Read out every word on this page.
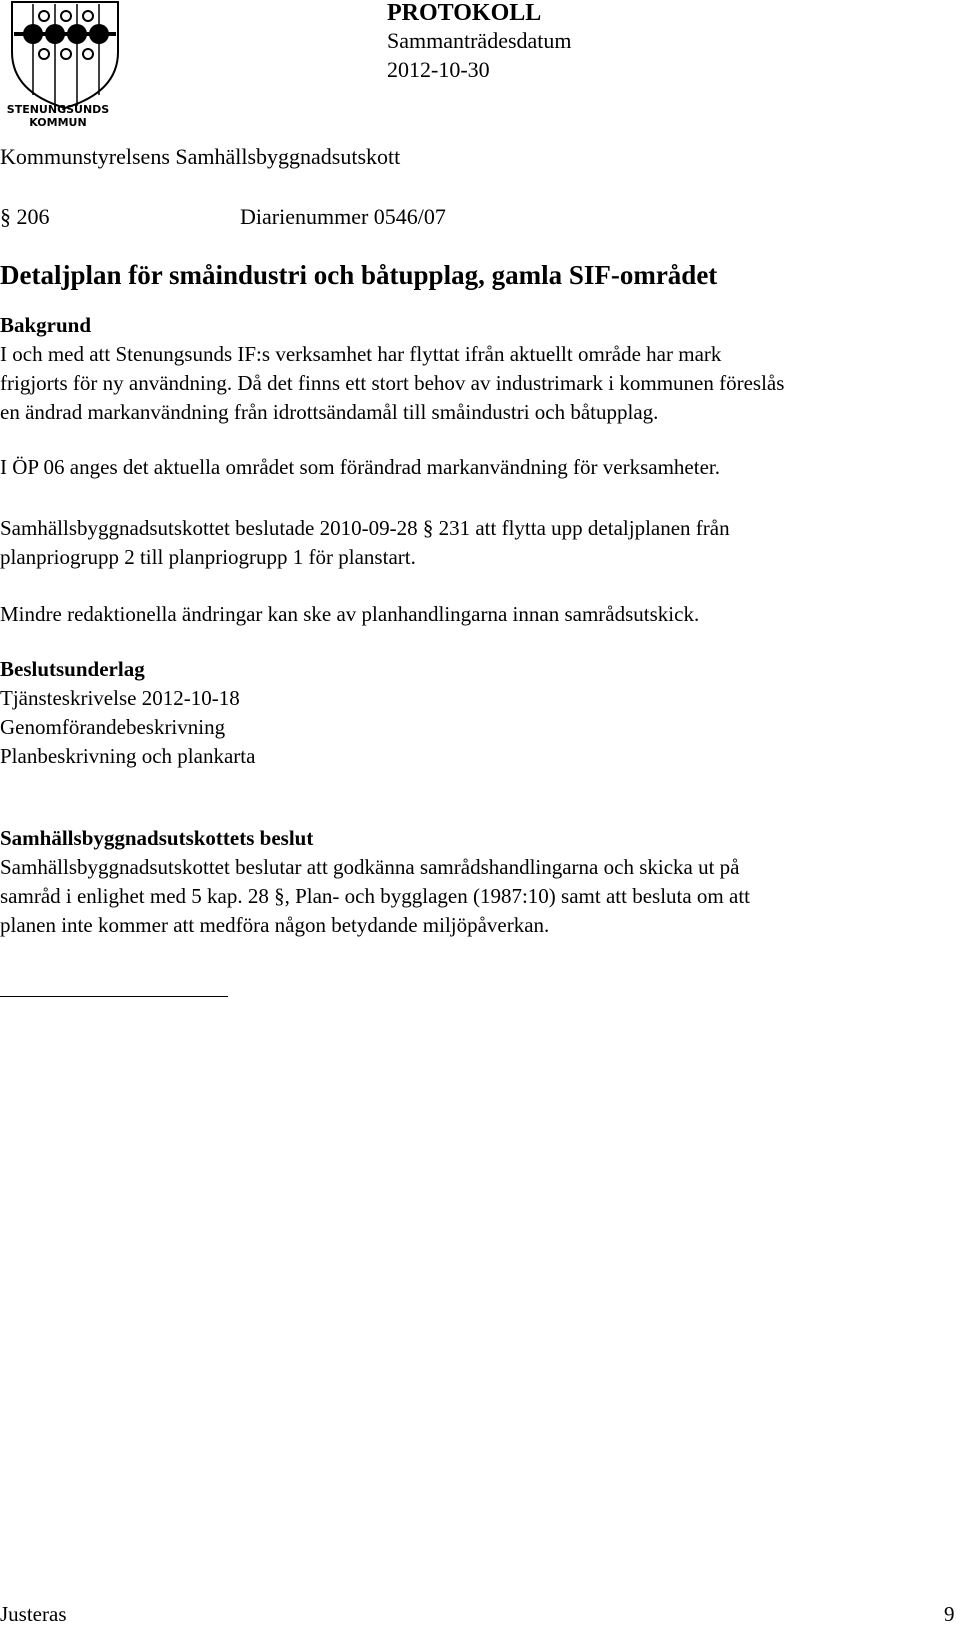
STENUNGSUNDS
KOMMUN
PROTOKOLL
Sammanträdesdatum
2012-10-30
Kommunstyrelsens Samhällsbyggnadsutskott
§ 206	Diarienummer 0546/07
Detaljplan för småindustri och båtupplag, gamla SIF-området
Bakgrund
I och med att Stenungsunds IF:s verksamhet har flyttat ifrån aktuellt område har mark
frigjorts för ny användning. Då det finns ett stort behov av industrimark i kommunen föreslås
en ändrad markanvändning från idrottsändamål till småindustri och båtupplag.
I ÖP 06 anges det aktuella området som förändrad markanvändning för verksamheter.
Samhällsbyggnadsutskottet beslutade 2010-09-28 § 231 att flytta upp detaljplanen från
planpriogrupp 2 till planpriogrupp 1 för planstart.
Mindre redaktionella ändringar kan ske av planhandlingarna innan samrådsutskick.
Beslutsunderlag
Tjänsteskrivelse 2012-10-18
Genomförandebeskrivning
Planbeskrivning och plankarta
Samhällsbyggnadsutskottets beslut
Samhällsbyggnadsutskottet beslutar att godkänna samrådshandlingarna och skicka ut på
samråd i enlighet med 5 kap. 28 §, Plan- och bygglagen (1987:10) samt att besluta om att
planen inte kommer att medföra någon betydande miljöpåverkan.
Justeras	9
